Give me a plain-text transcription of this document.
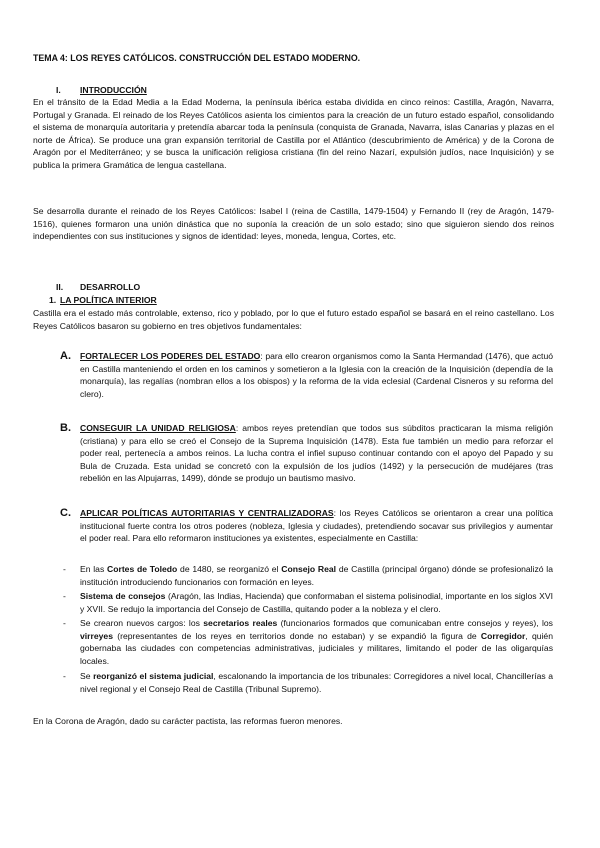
TEMA 4: LOS REYES CATÓLICOS. CONSTRUCCIÓN DEL ESTADO MODERNO.
I. INTRODUCCIÓN

En el tránsito de la Edad Media a la Edad Moderna, la península ibérica estaba dividida en cinco reinos: Castilla, Aragón, Navarra, Portugal y Granada. El reinado de los Reyes Católicos asienta los cimientos para la creación de un futuro estado español, consolidando el sistema de monarquía autoritaria y pretendía abarcar toda la península (conquista de Granada, Navarra, islas Canarias y plazas en el norte de África). Se produce una gran expansión territorial de Castilla por el Atlántico (descubrimiento de América) y de la Corona de Aragón por el Mediterráneo; y se busca la unificación religiosa cristiana (fin del reino Nazarí, expulsión judíos, nace Inquisición) y se publica la primera Gramática de lengua castellana.

Se desarrolla durante el reinado de los Reyes Católicos: Isabel I (reina de Castilla, 1479-1504) y Fernando II (rey de Aragón, 1479-1516), quienes formaron una unión dinástica que no suponía la creación de un solo estado; sino que siguieron siendo dos reinos independientes con sus instituciones y signos de identidad: leyes, moneda, lengua, Cortes, etc.

II. DESARROLLO
1. LA POLÍTICA INTERIOR

Castilla era el estado más controlable, extenso, rico y poblado, por lo que el futuro estado español se basará en el reino castellano. Los Reyes Católicos basaron su gobierno en tres objetivos fundamentales:

A. FORTALECER LOS PODERES DEL ESTADO: para ello crearon organismos como la Santa Hermandad (1476), que actuó en Castilla manteniendo el orden en los caminos y sometieron a la Iglesia con la creación de la Inquisición (dependía de la monarquía), las regalías (nombran ellos a los obispos) y la reforma de la vida eclesial (Cardenal Cisneros y su reforma del clero).

B. CONSEGUIR LA UNIDAD RELIGIOSA: ambos reyes pretendían que todos sus súbditos practicaran la misma religión (cristiana) y para ello se creó el Consejo de la Suprema Inquisición (1478). Esta fue también un medio para reforzar el poder real, pertenecía a ambos reinos. La lucha contra el infiel supuso continuar contando con el apoyo del Papado y su Bula de Cruzada. Esta unidad se concretó con la expulsión de los judíos (1492) y la persecución de mudéjares (tras rebelión en las Alpujarras, 1499), dónde se produjo un bautismo masivo.

C. APLICAR POLÍTICAS AUTORITARIAS Y CENTRALIZADORAS: los Reyes Católicos se orientaron a crear una política institucional fuerte contra los otros poderes (nobleza, Iglesia y ciudades), pretendiendo socavar sus privilegios y aumentar el poder real. Para ello reformaron instituciones ya existentes, especialmente en Castilla:

- En las Cortes de Toledo de 1480, se reorganizó el Consejo Real de Castilla (principal órgano) dónde se profesionalizó la institución introduciendo funcionarios con formación en leyes.

- Sistema de consejos (Aragón, las Indias, Hacienda) que conformaban el sistema polisinodial, importante en los siglos XVI y XVII. Se redujo la importancia del Consejo de Castilla, quitando poder a la nobleza y el clero.

- Se crearon nuevos cargos: los secretarios reales (funcionarios formados que comunicaban entre consejos y reyes), los virreyes (representantes de los reyes en territorios donde no estaban) y se expandió la figura de Corregidor, quién gobernaba las ciudades con competencias administrativas, judiciales y militares, limitando el poder de las oligarquías locales.

- Se reorganizó el sistema judicial, escalonando la importancia de los tribunales: Corregidores a nivel local, Chancillerías a nivel regional y el Consejo Real de Castilla (Tribunal Supremo).

En la Corona de Aragón, dado su carácter pactista, las reformas fueron menores.
